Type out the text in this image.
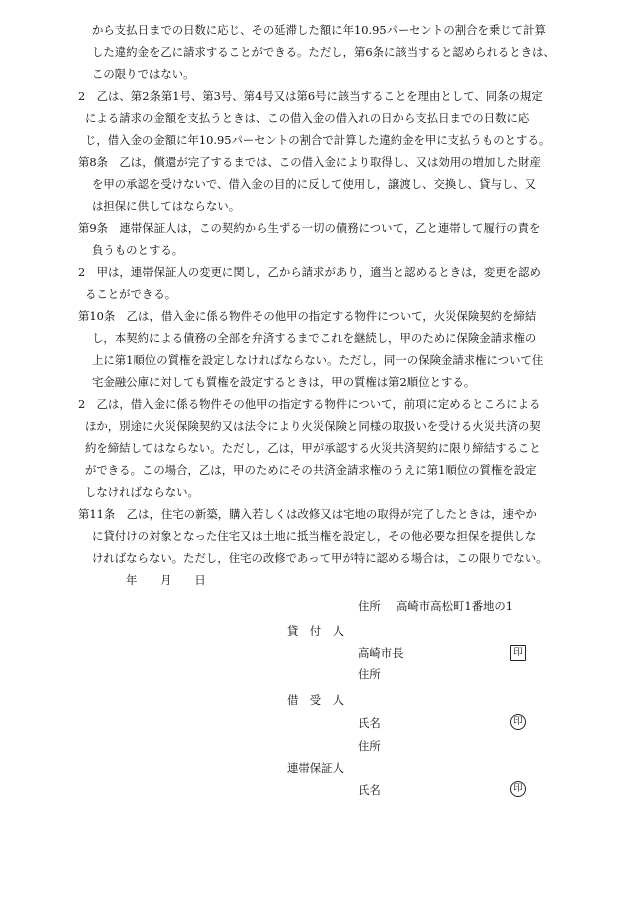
から支払日までの日数に応じ、その延滞した額に年10.95パーセントの割合を乗じて計算
した違約金を乙に請求することができる。ただし，第6条に該当すると認められるときは、
この限りではない。
2　乙は、第2条第1号、第3号、第4号又は第6号に該当することを理由として、同条の規定
による請求の金額を支払うときは、この借入金の借入れの日から支払日までの日数に応
じ，借入金の金額に年10.95パーセントの割合で計算した違約金を甲に支払うものとする。
第8条　乙は，償還が完了するまでは、この借入金により取得し、又は効用の増加した財産
を甲の承認を受けないで、借入金の目的に反して使用し，譲渡し、交換し、貸与し、又
は担保に供してはならない。
第9条　連帯保証人は，この契約から生ずる一切の債務について，乙と連帯して履行の責を
負うものとする。
2　甲は，連帯保証人の変更に関し，乙から請求があり，適当と認めるときは，変更を認め
ることができる。
第10条　乙は，借入金に係る物件その他甲の指定する物件について，火災保険契約を締結
し，本契約による債務の全部を弁済するまでこれを継続し，甲のために保険金請求権の
上に第1順位の質権を設定しなければならない。ただし，同一の保険金請求権について住
宅金融公庫に対しても質権を設定するときは，甲の質権は第2順位とする。
2　乙は，借入金に係る物件その他甲の指定する物件について，前項に定めるところによる
ほか，別途に火災保険契約又は法令により火災保険と同様の取扱いを受ける火災共済の契
約を締結してはならない。ただし，乙は，甲が承認する火災共済契約に限り締結すること
ができる。この場合，乙は，甲のためにその共済金請求権のうえに第1順位の質権を設定
しなければならない。
第11条　乙は，住宅の新築，購入若しくは改修又は宅地の取得が完了したときは，速やか
に貸付けの対象となった住宅又は土地に抵当権を設定し，その他必要な担保を提供しな
ければならない。ただし，住宅の改修であって甲が特に認める場合は，この限りでない。
年　　月　　日
住所 高崎市高松町1番地の1
貸　付　人
高崎市長	印
住所
借　受　人
氏名	印
住所
連帯保証人
氏名	印
